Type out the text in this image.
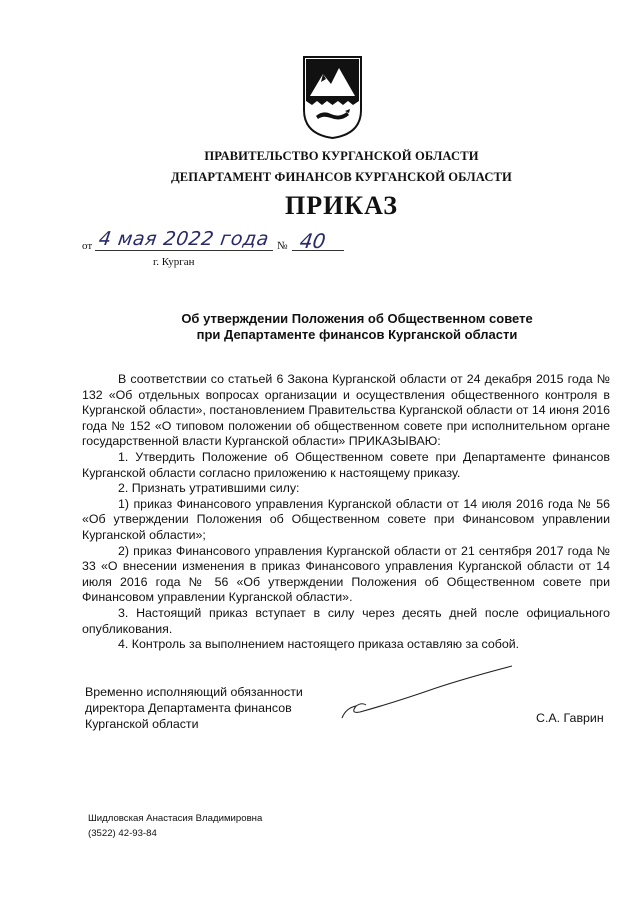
ПРАВИТЕЛЬСТВО КУРГАНСКОЙ ОБЛАСТИ
ДЕПАРТАМЕНТ ФИНАНСОВ КУРГАНСКОЙ ОБЛАСТИ
ПРИКАЗ
от 4 мая 2022 года № 40
г. Курган
Об утверждении Положения об Общественном совете
при Департаменте финансов Курганской области

В соответствии со статьей 6 Закона Курганской области от 24 декабря 2015 года № 132 «Об отдельных вопросах организации и осуществления общественного контроля в Курганской области», постановлением Правительства Курганской области от 14 июня 2016 года № 152 «О типовом положении об общественном совете при исполнительном органе государственной власти Курганской области» ПРИКАЗЫВАЮ:

1. Утвердить Положение об Общественном совете при Департаменте финансов Курганской области согласно приложению к настоящему приказу.

2. Признать утратившими силу:

1) приказ Финансового управления Курганской области от 14 июля 2016 года № 56 «Об утверждении Положения об Общественном совете при Финансовом управлении Курганской области»;

2) приказ Финансового управления Курганской области от 21 сентября 2017 года № 33 «О внесении изменения в приказ Финансового управления Курганской области от 14 июля 2016 года № 56 «Об утверждении Положения об Общественном совете при Финансовом управлении Курганской области».

3. Настоящий приказ вступает в силу через десять дней после официального опубликования.

4. Контроль за выполнением настоящего приказа оставляю за собой.

Временно исполняющий обязанности
директора Департамента финансов
Курганской области	С.А. Гаврин
Шидловская Анастасия Владимировна
(3522) 42-93-84
